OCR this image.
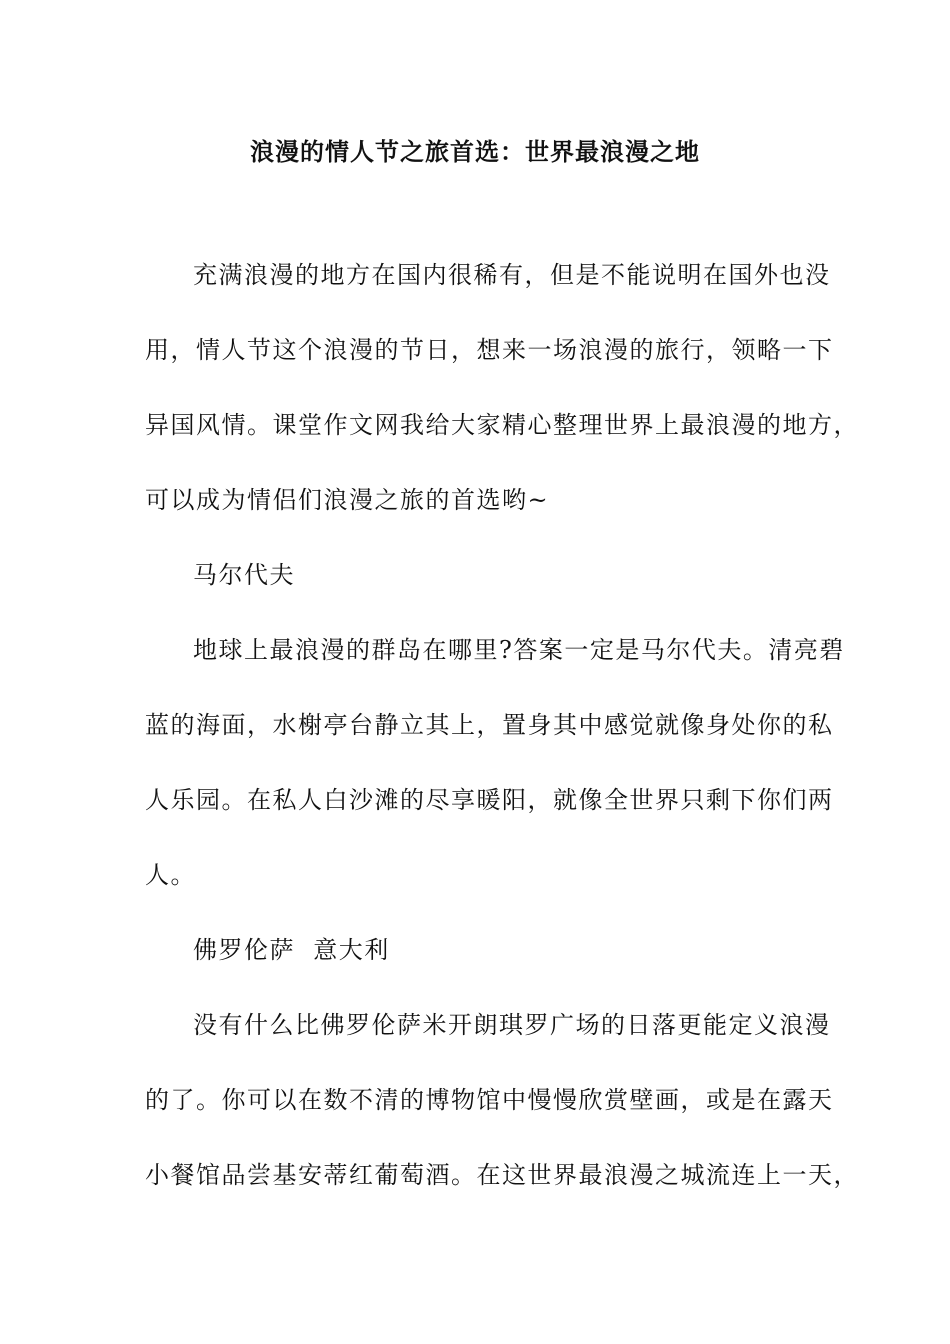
浪漫的情人节之旅首选：世界最浪漫之地
充满浪漫的地方在国内很稀有，但是不能说明在国外也没
用，情人节这个浪漫的节日，想来一场浪漫的旅行，领略一下
异国风情。课堂作文网我给大家精心整理世界上最浪漫的地方，
可以成为情侣们浪漫之旅的首选哟~
马尔代夫
地球上最浪漫的群岛在哪里?答案一定是马尔代夫。清亮碧
蓝的海面，水榭亭台静立其上，置身其中感觉就像身处你的私
人乐园。在私人白沙滩的尽享暖阳，就像全世界只剩下你们两
人。
佛罗伦萨  意大利
没有什么比佛罗伦萨米开朗琪罗广场的日落更能定义浪漫
的了。你可以在数不清的博物馆中慢慢欣赏壁画，或是在露天
小餐馆品尝基安蒂红葡萄酒。在这世界最浪漫之城流连上一天，
